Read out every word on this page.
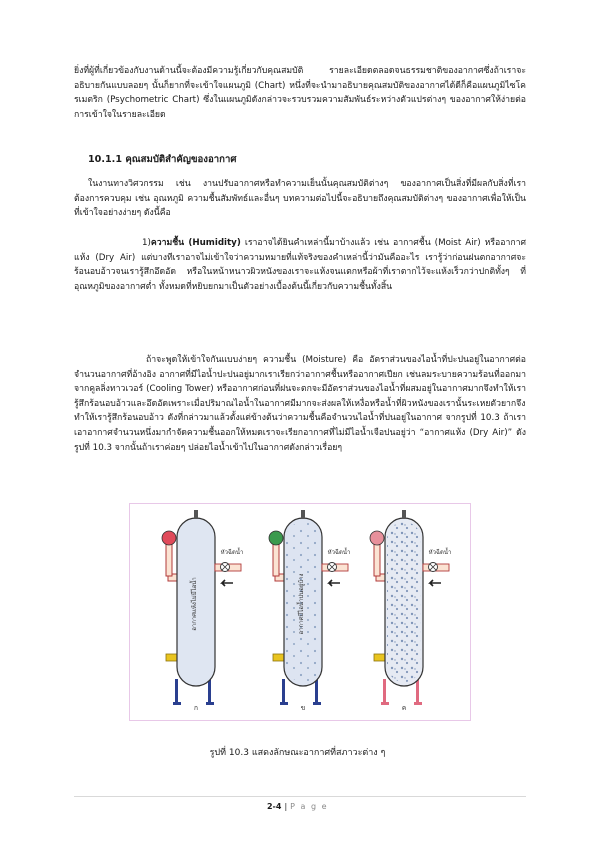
ยิ่งที่ผู้ที่เกี่ยวข้องกับงานด้านนี้จะต้องมีความรู้เกี่ยวกับคุณสมบัติ รายละเอียดตลอดจนธรรมชาติของอากาศซึ่งถ้าเราจะอธิบายกันแบบลอยๆ นั้นก็ยากที่จะเข้าใจแผนภูมิ (Chart) หนึ่งที่จะนำมาอธิบายคุณสมบัติของอากาศได้ดีก็คือแผนภูมิไซโครเมตริก (Psychometric Chart) ซึ่งในแผนภูมิดังกล่าวจะรวบรวมความสัมพันธ์ระหว่างตัวแปรต่างๆ ของอากาศให้ง่ายต่อการเข้าใจในรายละเอียด
10.1.1 คุณสมบัติสำคัญของอากาศ
ในงานทางวิศวกรรม เช่น งานปรับอากาศหรือทำความเย็นนั้นคุณสมบัติต่างๆ ของอากาศเป็นสิ่งที่มีผลกับสิ่งที่เราต้องการควบคุม เช่น อุณหภูมิ ความชื้นสัมพัทธ์และอื่นๆ บทความต่อไปนี้จะอธิบายถึงคุณสมบัติต่างๆ ของอากาศเพื่อให้เป็นที่เข้าใจอย่างง่ายๆ ดังนี้คือ
1)ความชื้น (Humidity) เราอาจได้ยินคำเหล่านี้มาบ้างแล้ว เช่น อากาศชื้น (Moist Air) หรืออากาศแห้ง (Dry Air) แต่บางทีเราอาจไม่เข้าใจว่าความหมายที่แท้จริงของคำเหล่านี้ว่ามันคืออะไร เรารู้ว่าก่อนฝนตกอากาศจะร้อนอบอ้าวจนเรารู้สึกอึดอัด หรือในหน้าหนาวผิวหนังของเราจะแห้งจนแตกหรือผ้าที่เราตากไว้จะแห้งเร็วกว่าปกติทั้งๆ ที่อุณหภูมิของอากาศต่ำ ทั้งหมดที่หยิบยกมาเป็นตัวอย่างเบื้องต้นนี้เกี่ยวกับความชื้นทั้งสิ้น
ถ้าจะพูดให้เข้าใจกันแบบง่ายๆ ความชื้น (Moisture) คือ อัตราส่วนของไอน้ำที่ปะปนอยู่ในอากาศต่อจำนวนอากาศที่อ้างอิง อากาศที่มีไอน้ำปะปนอยู่มากเราเรียกว่าอากาศชื้นหรืออากาศเปียก เช่นลมระบายความร้อนที่ออกมาจากคูลลิ่งทาวเวอร์ (Cooling Tower) หรืออากาศก่อนที่ฝนจะตกจะมีอัตราส่วนของไอน้ำที่ผสมอยู่ในอากาศมากจึงทำให้เรารู้สึกร้อนอบอ้าวและอึดอัดเพราะเมื่อปริมาณไอน้ำในอากาศมีมากจะส่งผลให้เหงื่อหรือน้ำที่ผิวหนังของเรานั้นระเหยตัวยากจึงทำให้เรารู้สึกร้อนอบอ้าว ดังที่กล่าวมาแล้วตั้งแต่ข้างต้นว่าความชื้นคือจำนวนไอน้ำที่ปนอยู่ในอากาศ จากรูปที่ 10.3 ถ้าเราเอาอากาศจำนวนหนึ่งมากำจัดความชื้นออกให้หมดเราจะเรียกอากาศที่ไม่มีไอน้ำเจือปนอยู่ว่า “อากาศแห้ง (Dry Air)” ดังรูปที่ 10.3 จากนั้นถ้าเราค่อยๆ ปล่อยไอน้ำเข้าไปในอากาศดังกล่าวเรื่อยๆ
หัวฉีดน้ำ
อากาศแห้งไม่มีไอน้ำ
ก
หัวฉีดน้ำ
อากาศมีไอน้ำปนอยู่บ้าง
ข
หัวฉีดน้ำ
ค
รูปที่ 10.3 แสดงลักษณะอากาศที่สภาวะต่าง ๆ
2-4 | P a g e
